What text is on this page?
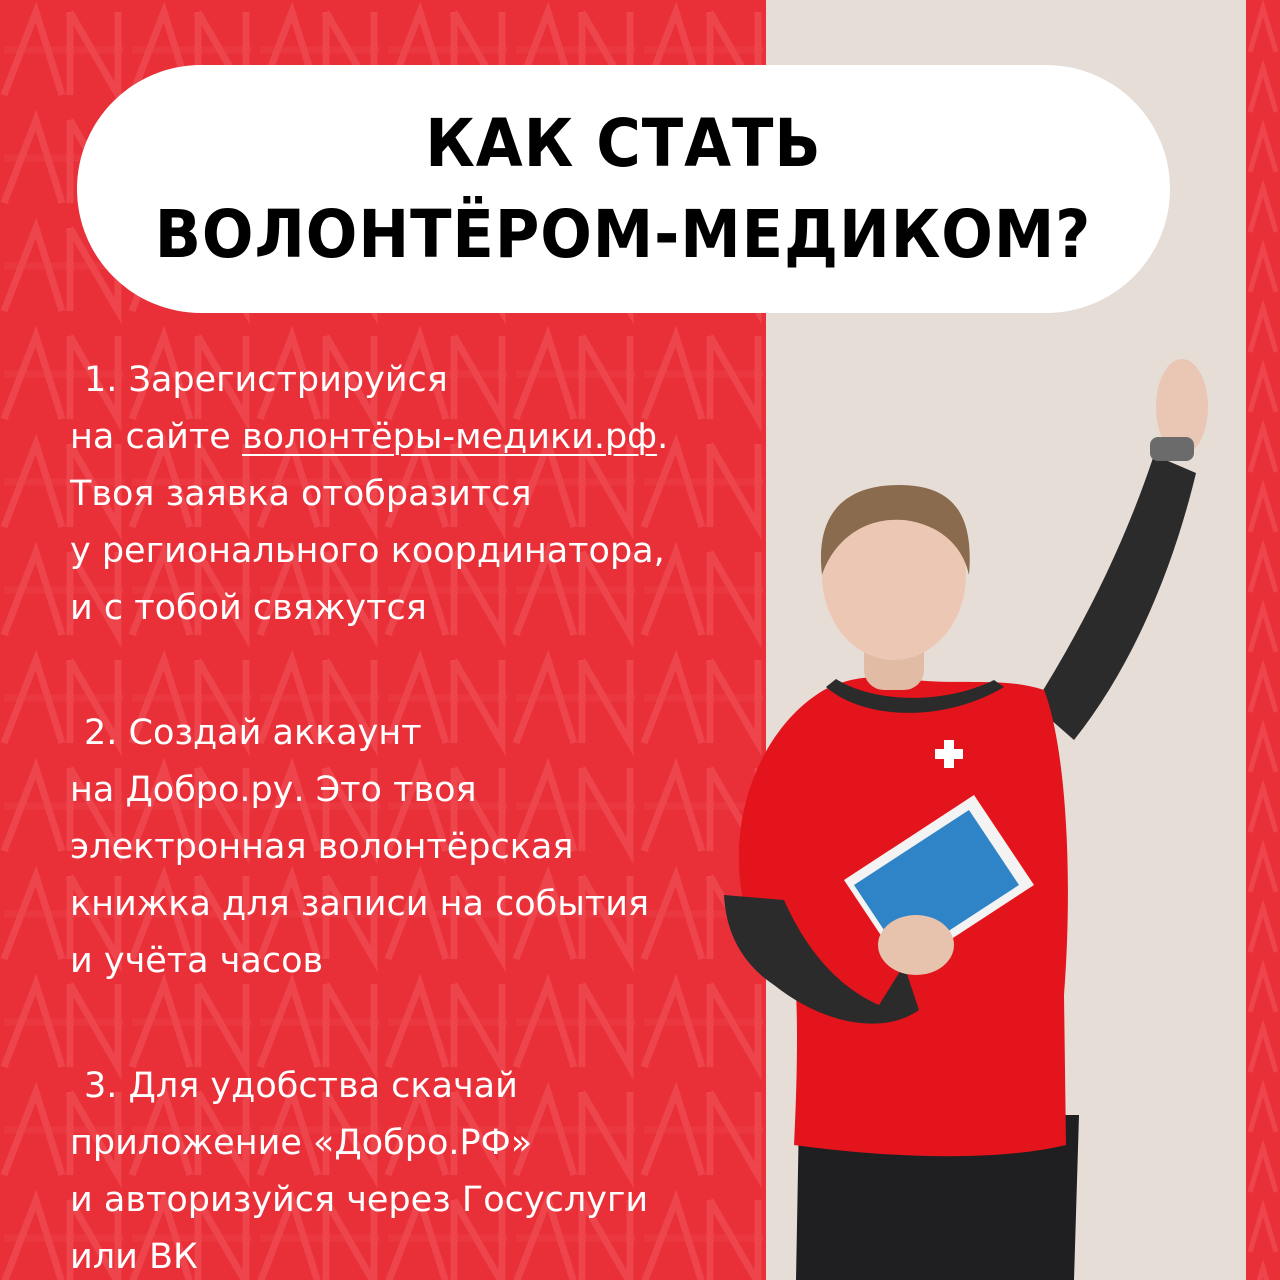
КАК СТАТЬ
ВОЛОНТЁРОМ-МЕДИКОМ?
1. Зарегистрируйся
на сайте волонтёры-медики.рф.
Твоя заявка отобразится
у регионального координатора,
и с тобой свяжутся
2. Создай аккаунт
на Добро.ру. Это твоя
электронная волонтёрская
книжка для записи на события
и учёта часов
3. Для удобства скачай
приложение «Добро.РФ»
и авторизуйся через Госуслуги
или ВК
